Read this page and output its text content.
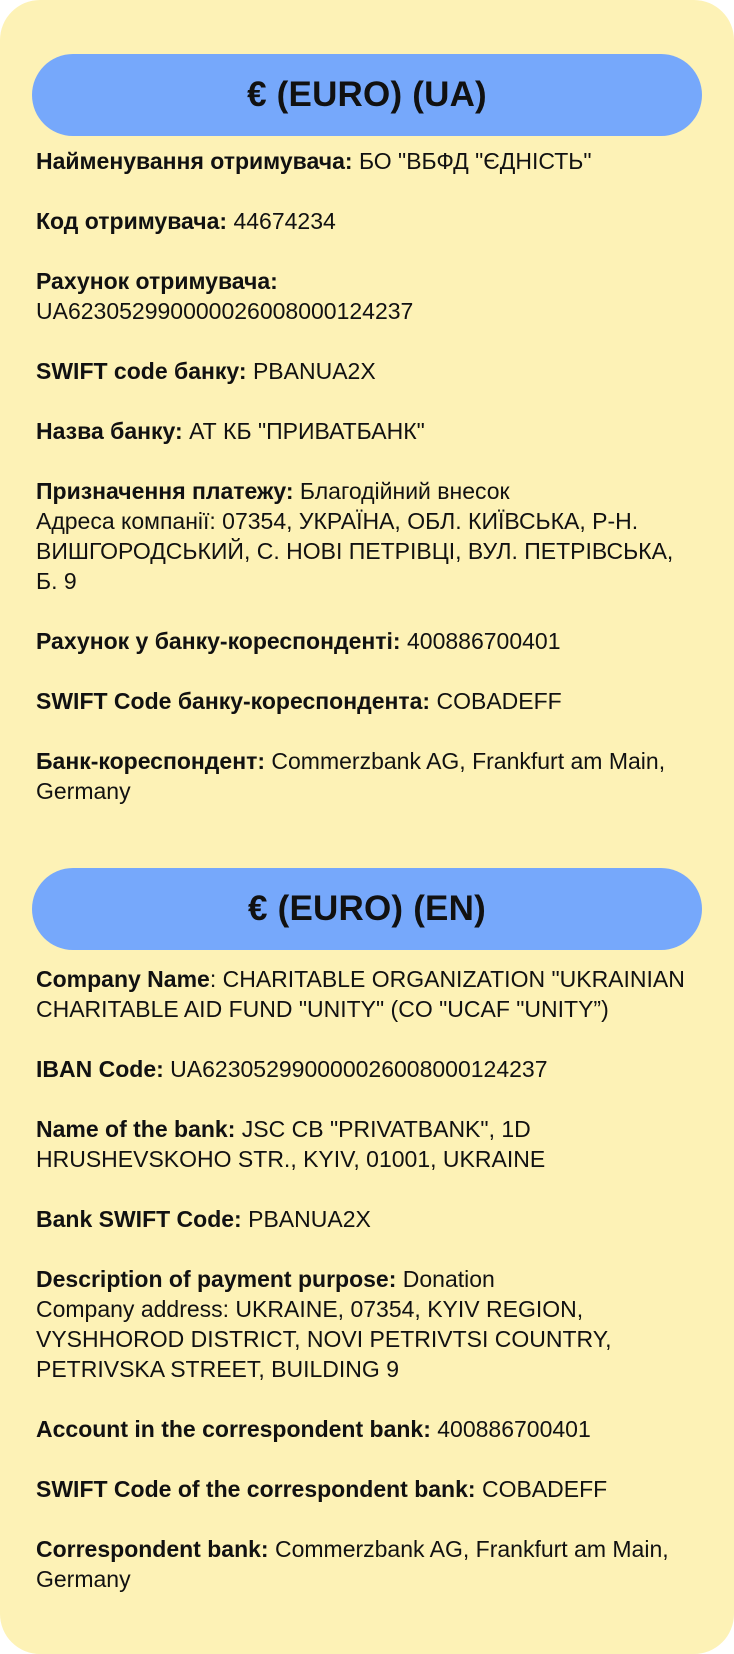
€ (EURO) (UA)
Найменування отримувача: БО "ВБФД "ЄДНІСТЬ"
Код отримувача: 44674234
Рахунок отримувача:
UA623052990000026008000124237
SWIFT code банку: PBANUA2X
Назва банку: АТ КБ "ПРИВАТБАНК"
Призначення платежу: Благодійний внесок
Адреса компанії: 07354, УКРАЇНА, ОБЛ. КИЇВСЬКА, Р-Н. ВИШГОРОДСЬКИЙ, С. НОВІ ПЕТРІВЦІ, ВУЛ. ПЕТРІВСЬКА, Б. 9
Рахунок у банку-кореспонденті: 400886700401
SWIFT Code банку-кореспондента: COBADEFF
Банк-кореспондент: Commerzbank AG, Frankfurt am Main, Germany
€ (EURO) (EN)
Company Name: CHARITABLE ORGANIZATION "UKRAINIAN CHARITABLE AID FUND "UNITY" (CO "UCAF "UNITY”)
IBAN Code: UA623052990000026008000124237
Name of the bank: JSC CB "PRIVATBANK", 1D HRUSHEVSKOHO STR., KYIV, 01001, UKRAINE
Bank SWIFT Code: PBANUA2X
Description of payment purpose: Donation
Company address: UKRAINE, 07354, KYIV REGION, VYSHHOROD DISTRICT, NOVI PETRIVTSI COUNTRY, PETRIVSKA STREET, BUILDING 9
Account in the correspondent bank: 400886700401
SWIFT Code of the correspondent bank: COBADEFF
Correspondent bank: Commerzbank AG, Frankfurt am Main, Germany
